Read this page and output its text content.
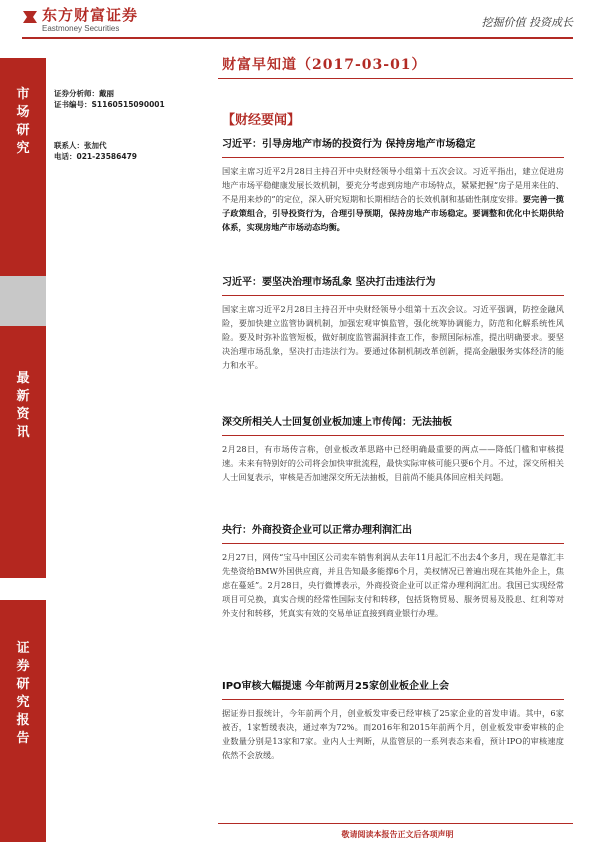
东方财富证券
Eastmoney Securities	挖掘价值 投资成长
市
场
研
究
最
新
资
讯
证
券
研
究
报
告
财富早知道（2017-03-01）
证券分析师：戴丽
证书编号：S1160515090001
联系人：张加代
电话：021-23586479
【财经要闻】
习近平：引导房地产市场的投资行为 保持房地产市场稳定
国家主席习近平2月28日主持召开中央财经领导小组第十五次会议。习近平指出，建立促进房地产市场平稳健康发展长效机制，要充分考虑到房地产市场特点，紧紧把握“房子是用来住的、不是用来炒的”的定位，深入研究短期和长期相结合的长效机制和基础性制度安排。要完善一揽子政策组合，引导投资行为，合理引导预期，保持房地产市场稳定。要调整和优化中长期供给体系，实现房地产市场动态均衡。
习近平：要坚决治理市场乱象 坚决打击违法行为
国家主席习近平2月28日主持召开中央财经领导小组第十五次会议。习近平强调，防控金融风险，要加快建立监管协调机制，加强宏观审慎监管，强化统筹协调能力，防范和化解系统性风险。要及时弥补监管短板，做好制度监管漏洞排查工作，参照国际标准，提出明确要求。要坚决治理市场乱象，坚决打击违法行为。要通过体制机制改革创新，提高金融服务实体经济的能力和水平。
深交所相关人士回复创业板加速上市传闻：无法抽板
2月28日，有市场传言称，创业板改革思路中已经明确最重要的两点——降低门槛和审核提速。未来有特别好的公司将会加快审批流程，最快实际审核可能只要6个月。不过，深交所相关人士回复表示，审核是否加速深交所无法抽板，目前尚不能具体回应相关问题。
央行：外商投资企业可以正常办理利润汇出
2月27日，网传“宝马中国区公司卖车销售利润从去年11月起汇不出去4个多月，现在是靠汇丰先垫资给BMW外国供应商，并且告知最多能撑6个月，美权情况已普遍出现在其他外企上，焦虑在蔓延”。2月28日，央行微博表示，外商投资企业可以正常办理利润汇出。我国已实现经常项目可兑换，真实合规的经常性国际支付和转移，包括货物贸易、服务贸易及股息、红利等对外支付和转移，凭真实有效的交易单证直接到商业银行办理。
IPO审核大幅提速 今年前两月25家创业板企业上会
据证券日报统计，今年前两个月，创业板发审委已经审核了25家企业的首发申请。其中，6家被否，1家暂缓表决，通过率为72%。而2016年和2015年前两个月，创业板发审委审核的企业数量分别是13家和7家。业内人士判断，从监管层的一系列表态来看，预计IPO的审核速度依然不会放缓。
敬请阅读本报告正文后各项声明
